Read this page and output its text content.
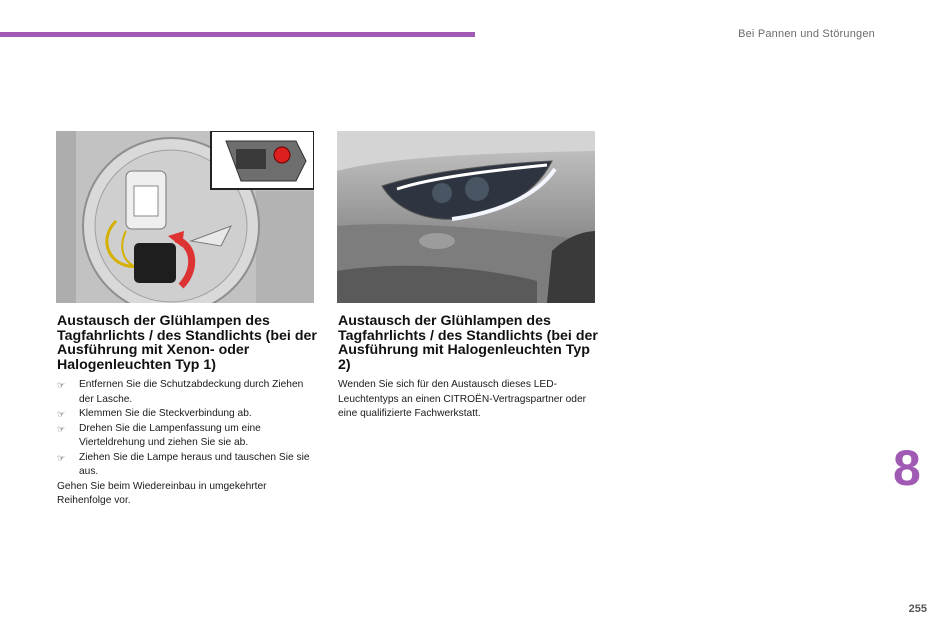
Bei Pannen und Störungen
Austausch der Glühlampen des Tagfahrlichts / des Standlichts (bei der Ausführung mit Xenon- oder Halogenleuchten Typ 1)
☞ Entfernen Sie die Schutzabdeckung durch Ziehen der Lasche.
☞ Klemmen Sie die Steckverbindung ab.
☞ Drehen Sie die Lampenfassung um eine Vierteldrehung und ziehen Sie sie ab.
☞ Ziehen Sie die Lampe heraus und tauschen Sie sie aus.

Gehen Sie beim Wiedereinbau in umgekehrter Reihenfolge vor.

Austausch der Glühlampen des Tagfahrlichts / des Standlichts (bei der Ausführung mit Halogenleuchten Typ 2)

Wenden Sie sich für den Austausch dieses LED-Leuchtentyps an einen CITROËN-Vertragspartner oder eine qualifizierte Fachwerkstatt.

8
255
